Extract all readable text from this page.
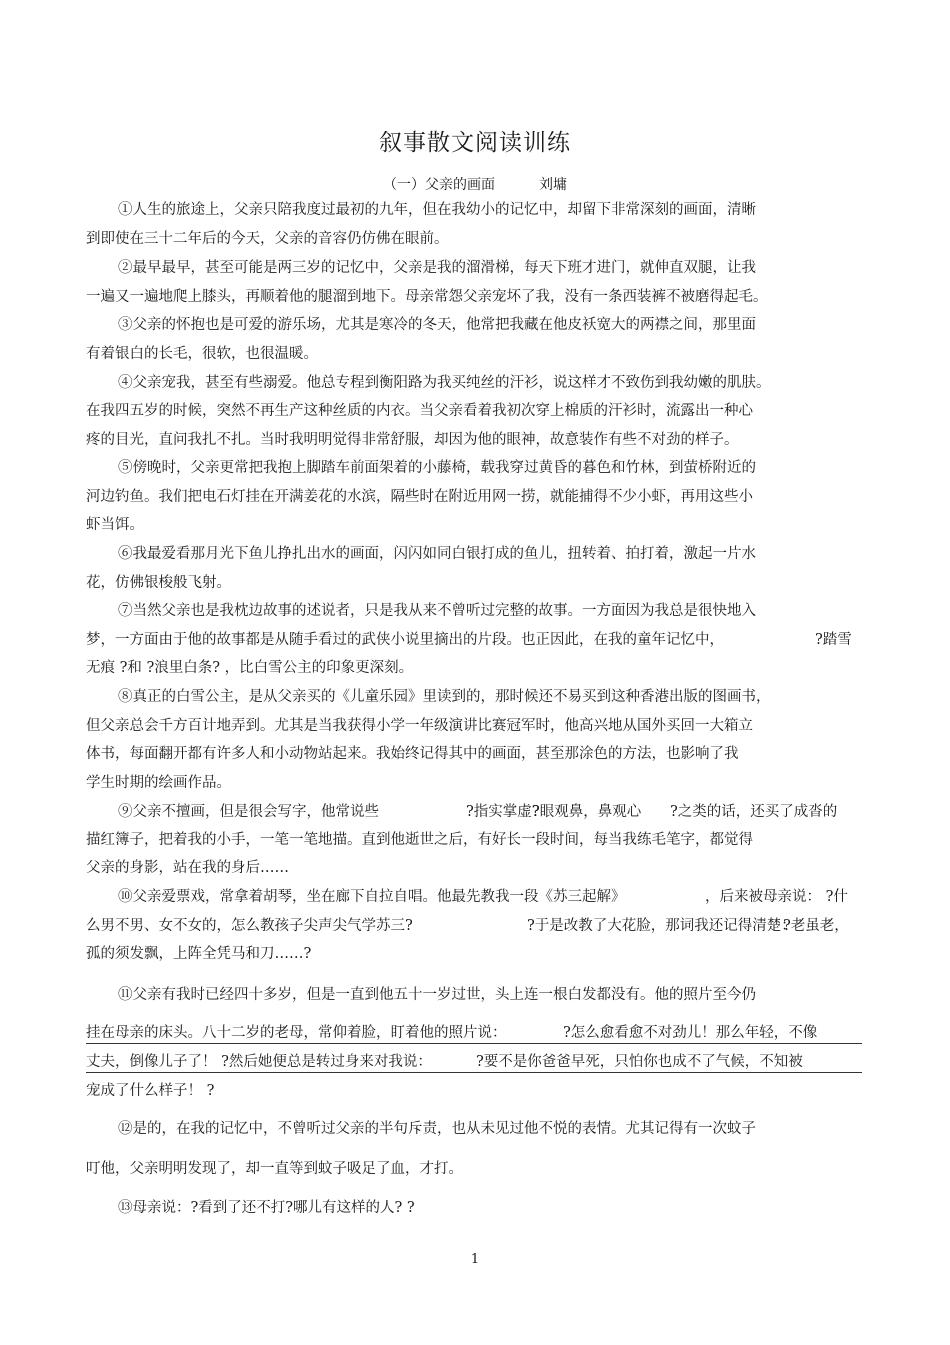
叙事散文阅读训练
（一）父亲的画面	刘墉
①人生的旅途上，父亲只陪我度过最初的九年，但在我幼小的记忆中，却留下非常深刻的画面，清晰
到即使在三十二年后的今天，父亲的音容仍仿佛在眼前。
②最早最早，甚至可能是两三岁的记忆中，父亲是我的溜滑梯，每天下班才进门，就伸直双腿，让我
一遍又一遍地爬上膝头，再顺着他的腿溜到地下。母亲常怨父亲宠坏了我，没有一条西装裤不被磨得起毛。
③父亲的怀抱也是可爱的游乐场，尤其是寒冷的冬天，他常把我藏在他皮袄宽大的两襟之间，那里面
有着银白的长毛，很软，也很温暖。
④父亲宠我，甚至有些溺爱。他总专程到衡阳路为我买纯丝的汗衫，说这样才不致伤到我幼嫩的肌肤。
在我四五岁的时候，突然不再生产这种丝质的内衣。当父亲看着我初次穿上棉质的汗衫时，流露出一种心
疼的目光，直问我扎不扎。当时我明明觉得非常舒服，却因为他的眼神，故意装作有些不对劲的样子。
⑤傍晚时，父亲更常把我抱上脚踏车前面架着的小藤椅，载我穿过黄昏的暮色和竹林，到萤桥附近的
河边钓鱼。我们把电石灯挂在开满姜花的水滨，隔些时在附近用网一捞，就能捕得不少小虾，再用这些小
虾当饵。
⑥我最爱看那月光下鱼儿挣扎出水的画面，闪闪如同白银打成的鱼儿，扭转着、拍打着，激起一片水
花，仿佛银梭般飞射。
⑦当然父亲也是我枕边故事的述说者，只是我从来不曾听过完整的故事。一方面因为我总是很快地入
梦，一方面由于他的故事都是从随手看过的武侠小说里摘出的片段。也正因此，在我的童年记忆中，	?踏雪
无痕 ?和 ?浪里白条? ，比白雪公主的印象更深刻。
⑧真正的白雪公主，是从父亲买的《儿童乐园》里读到的，那时候还不易买到这种香港出版的图画书，
但父亲总会千方百计地弄到。尤其是当我获得小学一年级演讲比赛冠军时，他高兴地从国外买回一大箱立
体书，每面翻开都有许多人和小动物站起来。我始终记得其中的画面，甚至那涂色的方法，也影响了我
学生时期的绘画作品。
⑨父亲不擅画，但是很会写字，他常说些	?指实掌虚?
?眼观鼻，鼻观心 ?之类的话，还买了成沓的
描红簿子，把着我的小手，一笔一笔地描。直到他逝世之后，有好长一段时间，每当我练毛笔字，都觉得
父亲的身影，站在我的身后……
⑩父亲爱票戏，常拿着胡琴，坐在廊下自拉自唱。他最先教我一段《苏三起解》	，后来被母亲说： ?什
么男不男、女不女的，怎么教孩子尖声尖气学苏三?	?于是改教了大花脸，那词我还记得清楚：
?老虽老，
孤的须发飘，上阵全凭马和刀……?
⑪父亲有我时已经四十多岁，但是一直到他五十一岁过世，头上连一根白发都没有。他的照片至今仍
挂在母亲的床头。八十二岁的老母，常仰着脸，盯着他的照片说：	?怎么愈看愈不对劲儿！那么年轻，不像
丈夫，倒像儿子了！ ?然后她便总是转过身来对我说：	?要不是你爸爸早死，只怕你也成不了气候，不知被
宠成了什么样子！ ?
⑫是的，在我的记忆中，不曾听过父亲的半句斥责，也从未见过他不悦的表情。尤其记得有一次蚊子
叮他，父亲明明发现了，却一直等到蚊子吸足了血，才打。
⑬母亲说：?看到了还不打?哪儿有这样的人? ?
1
